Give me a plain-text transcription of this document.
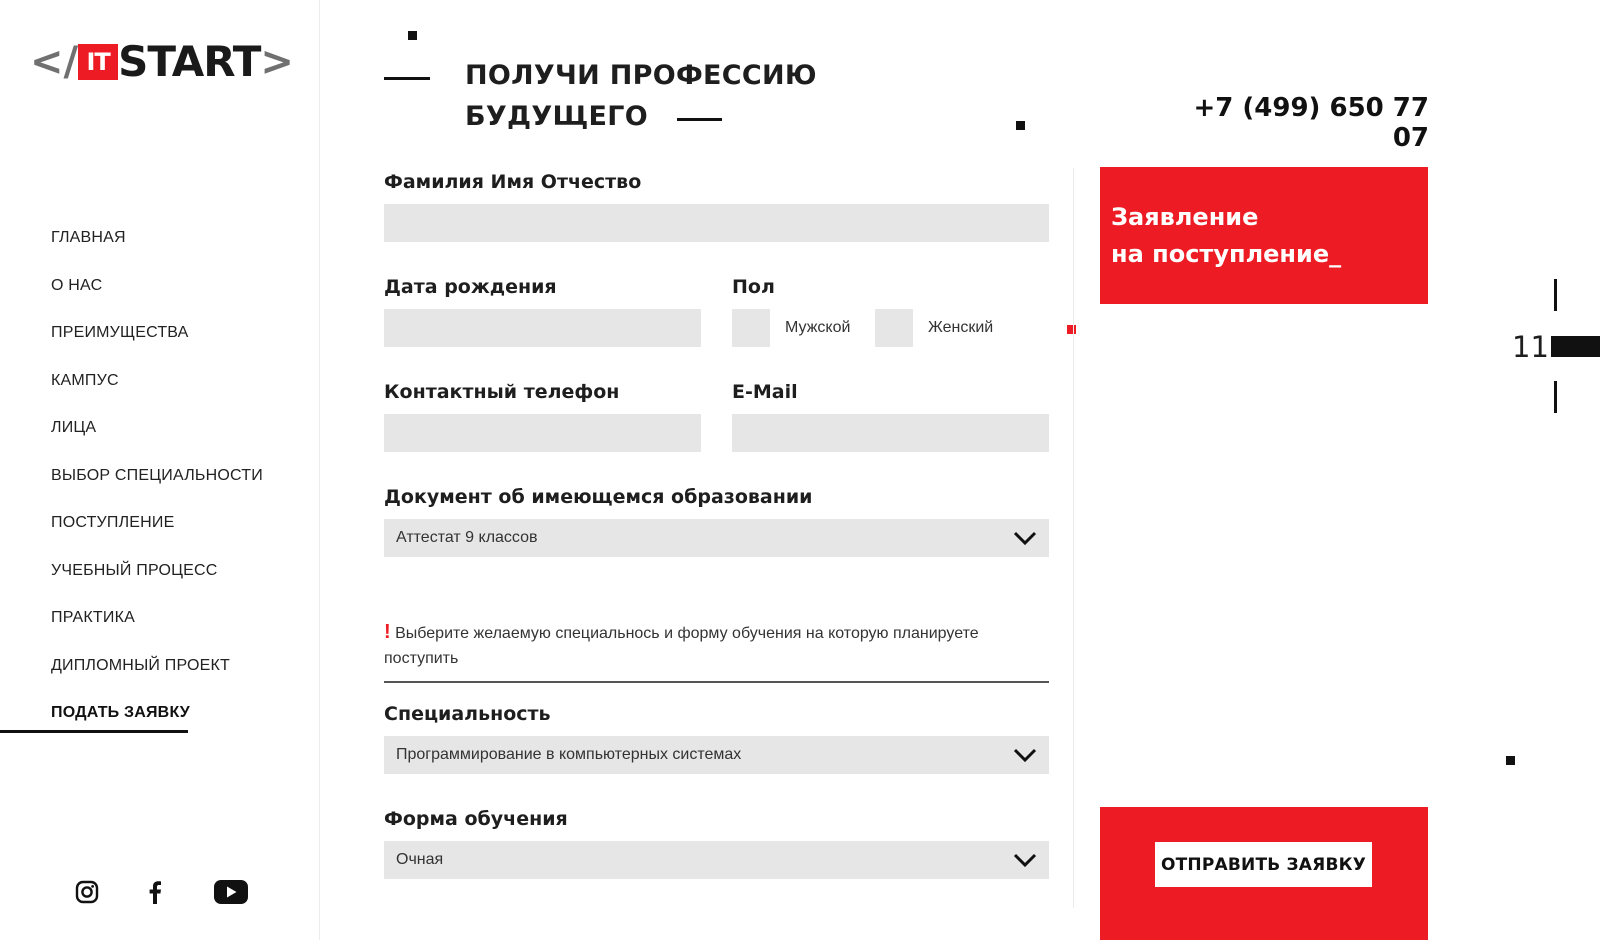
</ IT START >
ГЛАВНАЯ
О НАС
ПРЕИМУЩЕСТВА
КАМПУС
ЛИЦА
ВЫБОР СПЕЦИАЛЬНОСТИ
ПОСТУПЛЕНИЕ
УЧЕБНЫЙ ПРОЦЕСС
ПРАКТИКА
ДИПЛОМНЫЙ ПРОЕКТ
ПОДАТЬ ЗАЯВКУ
ПОЛУЧИ ПРОФЕССИЮ
БУДУЩЕГО	+7 (499) 650 77 07
Фамилия Имя Отчество
Дата рождения	Пол
Мужской	Женский
Контактный телефон	E-Mail
Документ об имеющемся образовании
Аттестат 9 классов
! Выберите желаемую специальнось и форму обучения на которую планируете поступить
Специальность
Программирование в компьютерных системах
Форма обучения
Очная
Заявление
на поступление_
ОТПРАВИТЬ ЗАЯВКУ
11
